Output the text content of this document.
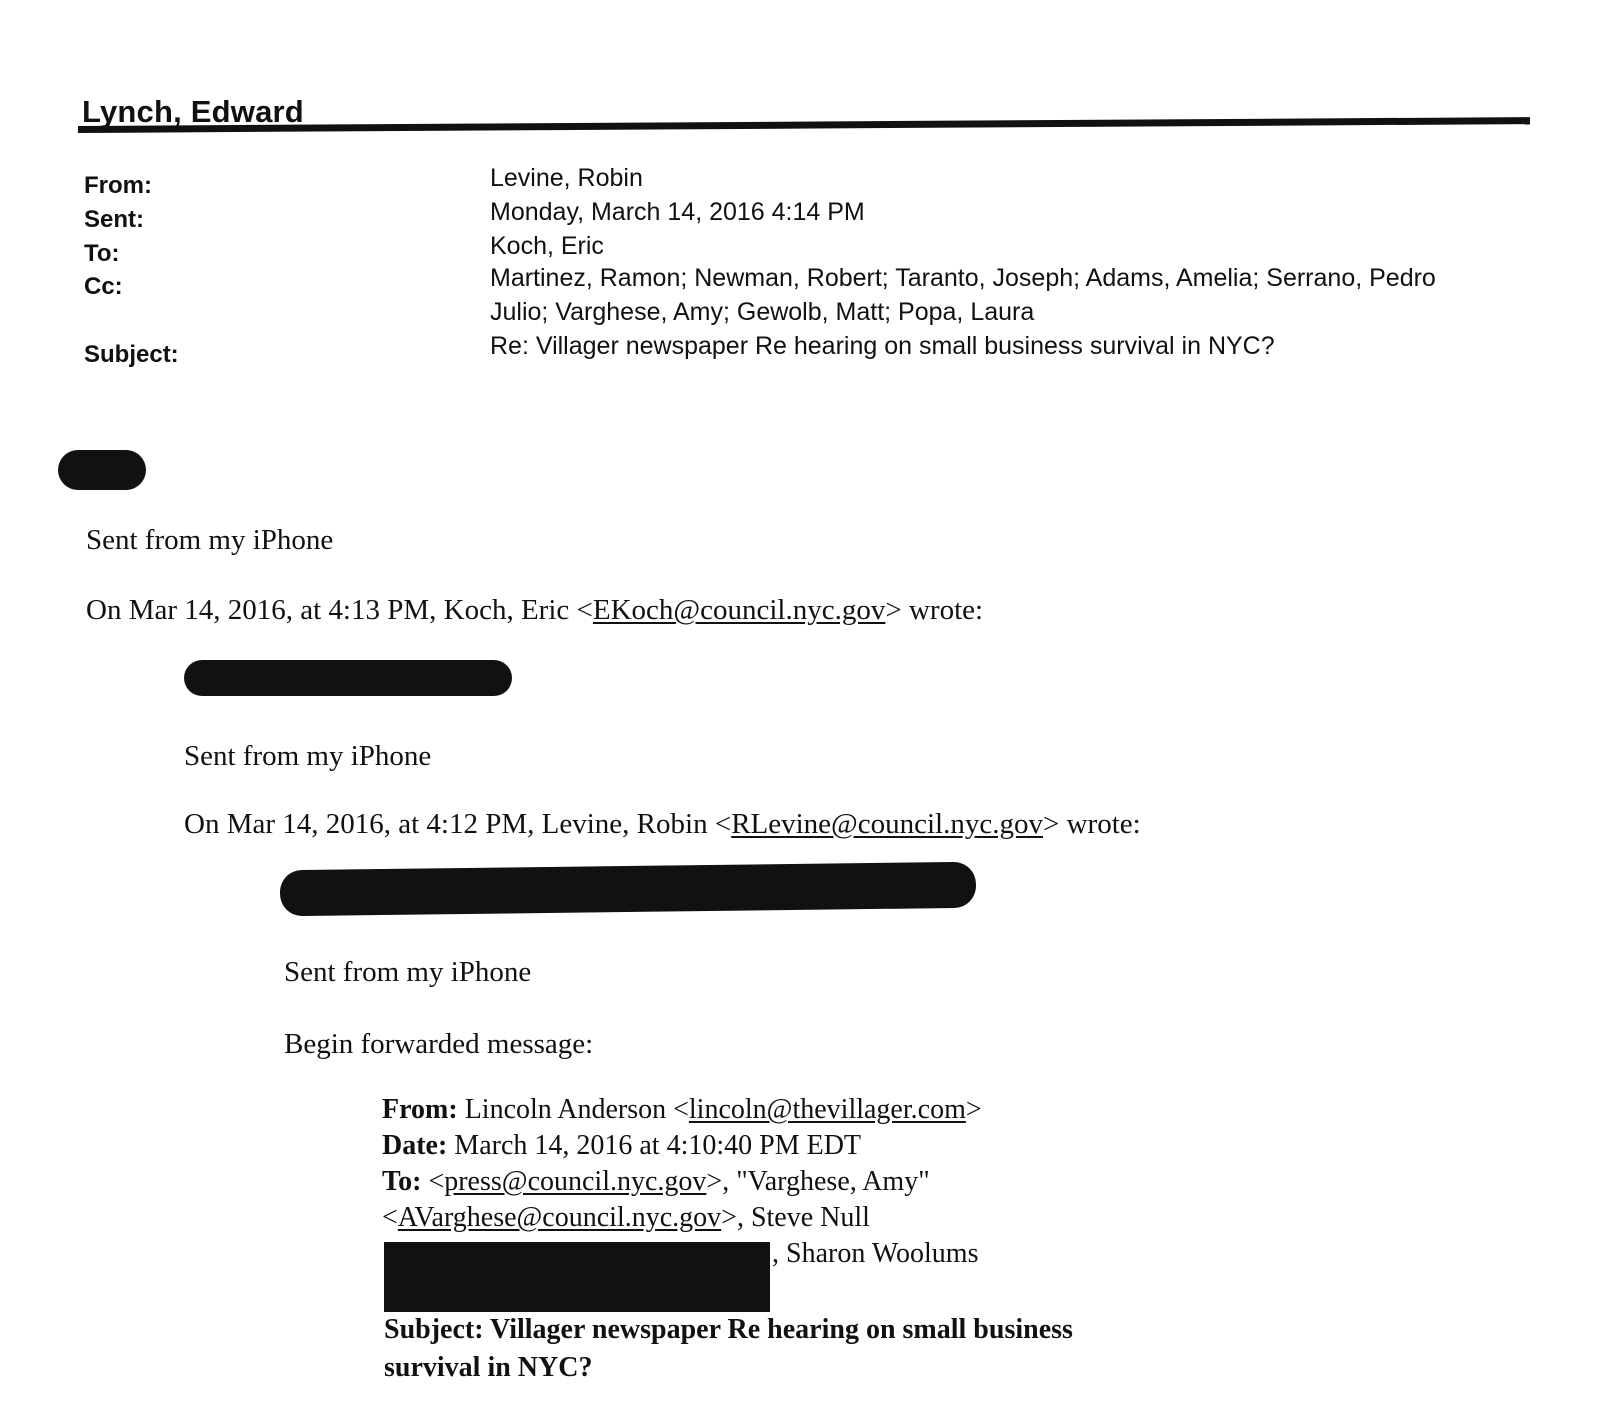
Lynch, Edward
From:	Levine, Robin
Sent:	Monday, March 14, 2016 4:14 PM
To:	Koch, Eric
Cc:	Martinez, Ramon; Newman, Robert; Taranto, Joseph; Adams, Amelia; Serrano, Pedro
Julio; Varghese, Amy; Gewolb, Matt; Popa, Laura
Subject:	Re: Villager newspaper Re hearing on small business survival in NYC?
Sent from my iPhone
On Mar 14, 2016, at 4:13 PM, Koch, Eric <EKoch@council.nyc.gov> wrote:
Sent from my iPhone
On Mar 14, 2016, at 4:12 PM, Levine, Robin <RLevine@council.nyc.gov> wrote:
Sent from my iPhone
Begin forwarded message:
From: Lincoln Anderson <lincoln@thevillager.com>
Date: March 14, 2016 at 4:10:40 PM EDT
To: <press@council.nyc.gov>, "Varghese, Amy"
<AVarghese@council.nyc.gov>, Steve Null
, Sharon Woolums
Subject: Villager newspaper Re hearing on small business
survival in NYC?
